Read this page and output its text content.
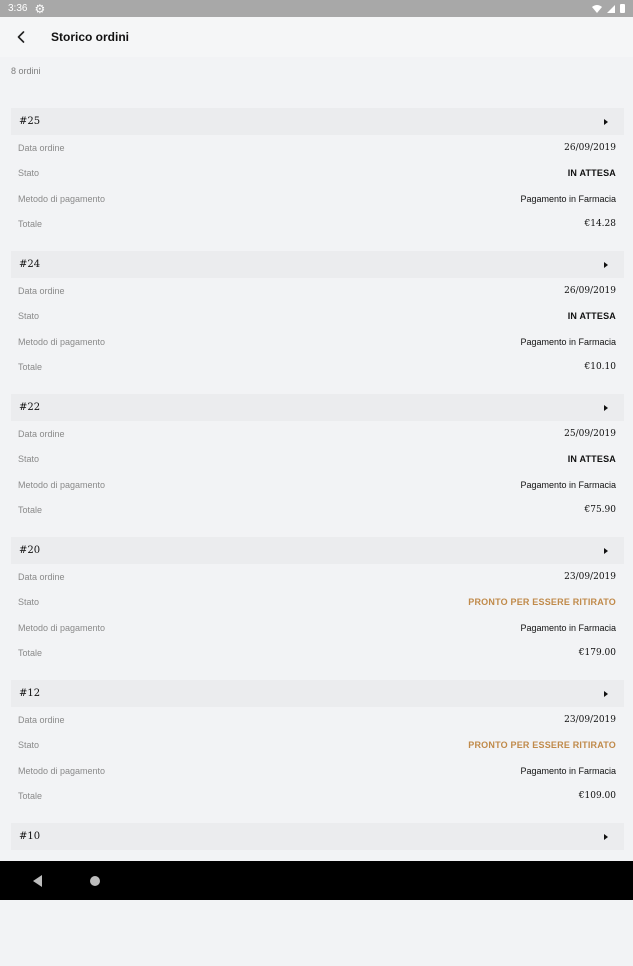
3:36 ⚙
Storico ordini
8 ordini
#25
Data ordine	26/09/2019
Stato	IN ATTESA
Metodo di pagamento	Pagamento in Farmacia
Totale	€14.28
#24
Data ordine	26/09/2019
Stato	IN ATTESA
Metodo di pagamento	Pagamento in Farmacia
Totale	€10.10
#22
Data ordine	25/09/2019
Stato	IN ATTESA
Metodo di pagamento	Pagamento in Farmacia
Totale	€75.90
#20
Data ordine	23/09/2019
Stato	PRONTO PER ESSERE RITIRATO
Metodo di pagamento	Pagamento in Farmacia
Totale	€179.00
#12
Data ordine	23/09/2019
Stato	PRONTO PER ESSERE RITIRATO
Metodo di pagamento	Pagamento in Farmacia
Totale	€109.00
#10
